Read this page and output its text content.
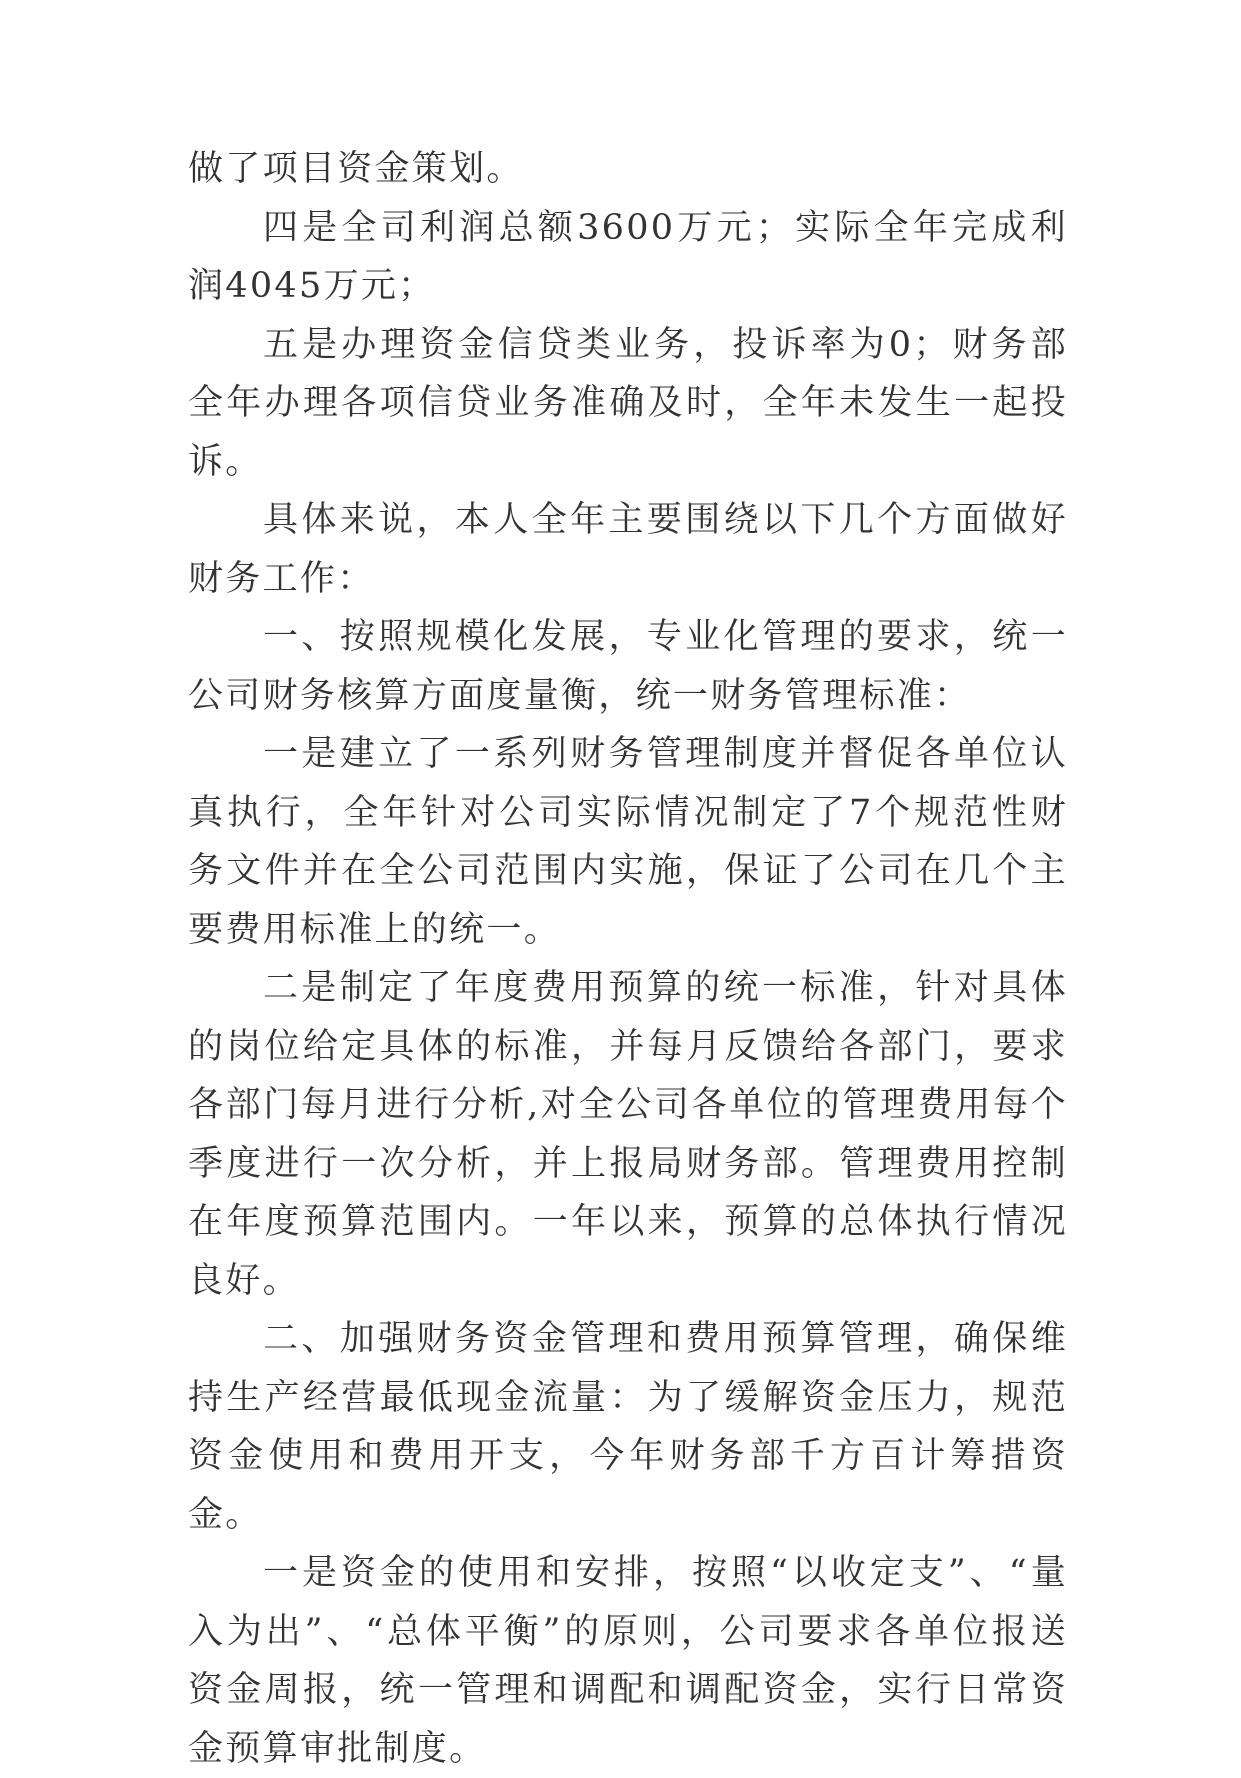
做了项目资金策划。

四是全司利润总额3600万元；实际全年完成利润4045万元；

五是办理资金信贷类业务，投诉率为0；财务部全年办理各项信贷业务准确及时，全年未发生一起投诉。

具体来说，本人全年主要围绕以下几个方面做好财务工作：

一、按照规模化发展，专业化管理的要求，统一公司财务核算方面度量衡，统一财务管理标准：

一是建立了一系列财务管理制度并督促各单位认真执行，全年针对公司实际情况制定了7个规范性财务文件并在全公司范围内实施，保证了公司在几个主要费用标准上的统一。

二是制定了年度费用预算的统一标准，针对具体的岗位给定具体的标准，并每月反馈给各部门，要求各部门每月进行分析,对全公司各单位的管理费用每个季度进行一次分析，并上报局财务部。管理费用控制在年度预算范围内。一年以来，预算的总体执行情况良好。

二、加强财务资金管理和费用预算管理，确保维持生产经营最低现金流量：为了缓解资金压力，规范资金使用和费用开支，今年财务部千方百计筹措资金。

一是资金的使用和安排，按照“以收定支”、“量入为出”、“总体平衡”的原则，公司要求各单位报送资金周报，统一管理和调配和调配资金，实行日常资金预算审批制度。
